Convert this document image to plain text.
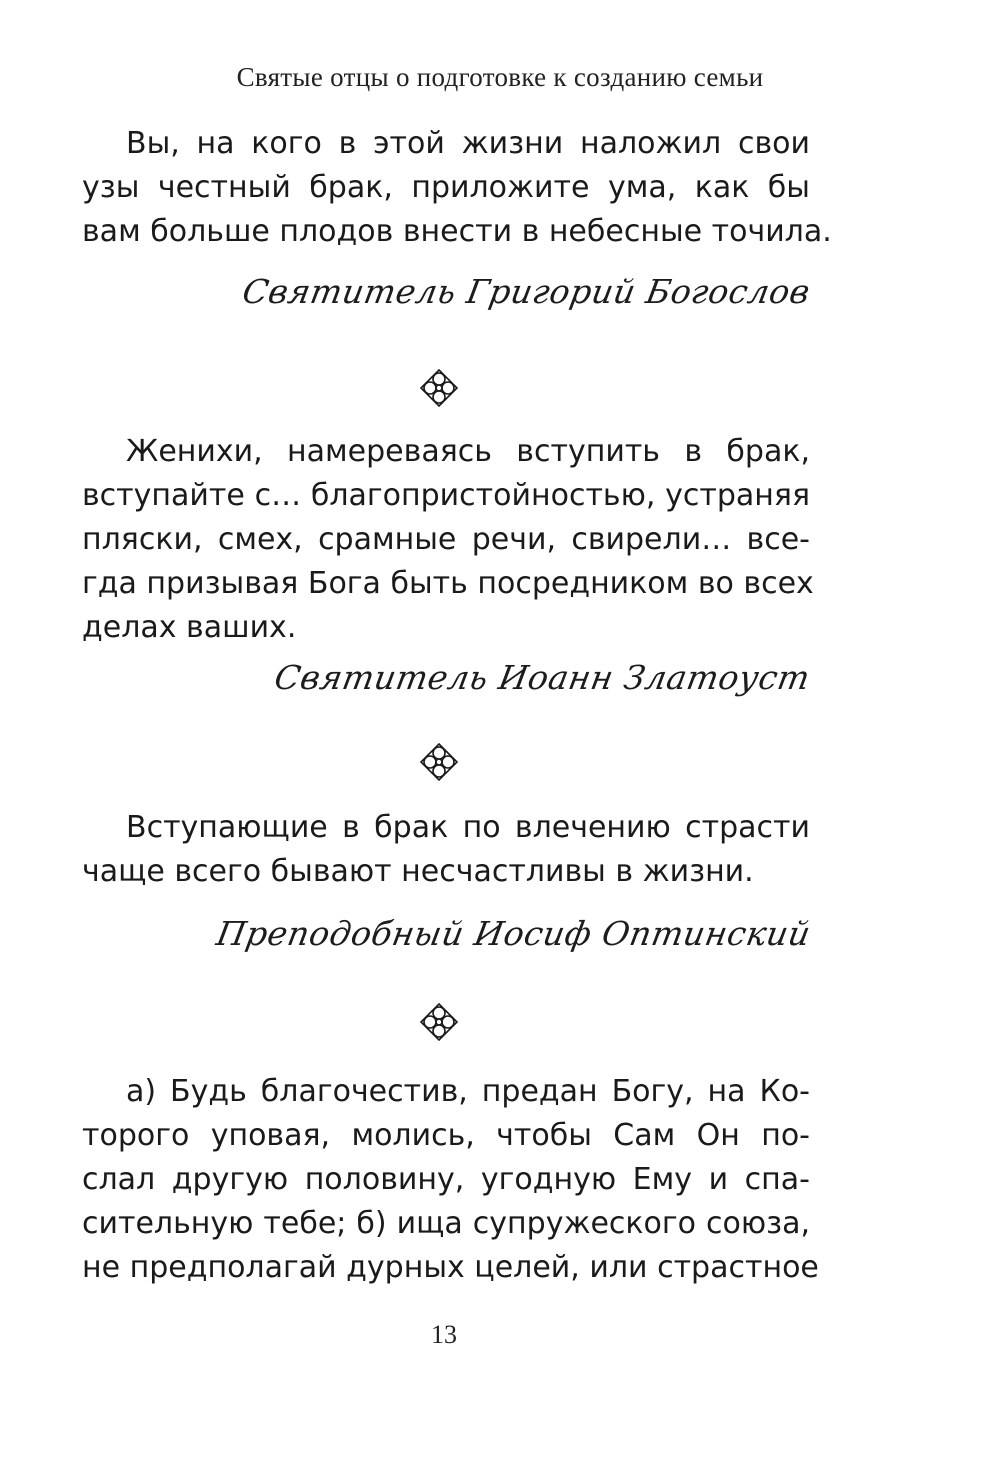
Святые отцы о подготовке к созданию семьи
Вы, на кого в этой жизни наложил свои
узы честный брак, приложите ума, как бы
вам больше плодов внести в небесные точила.
Святитель Григорий Богослов
Женихи, намереваясь вступить в брак,
вступайте с… благопристойностью, устраняя
пляски, смех, срамные речи, свирели… все-
гда призывая Бога быть посредником во всех
делах ваших.
Святитель Иоанн Златоуст
Вступающие в брак по влечению страсти
чаще всего бывают несчастливы в жизни.
Преподобный Иосиф Оптинский
а) Будь благочестив, предан Богу, на Ко-
торого уповая, молись, чтобы Сам Он по-
слал другую половину, угодную Ему и спа-
сительную тебе; б) ища супружеского союза,
не предполагай дурных целей, или страстное
13
